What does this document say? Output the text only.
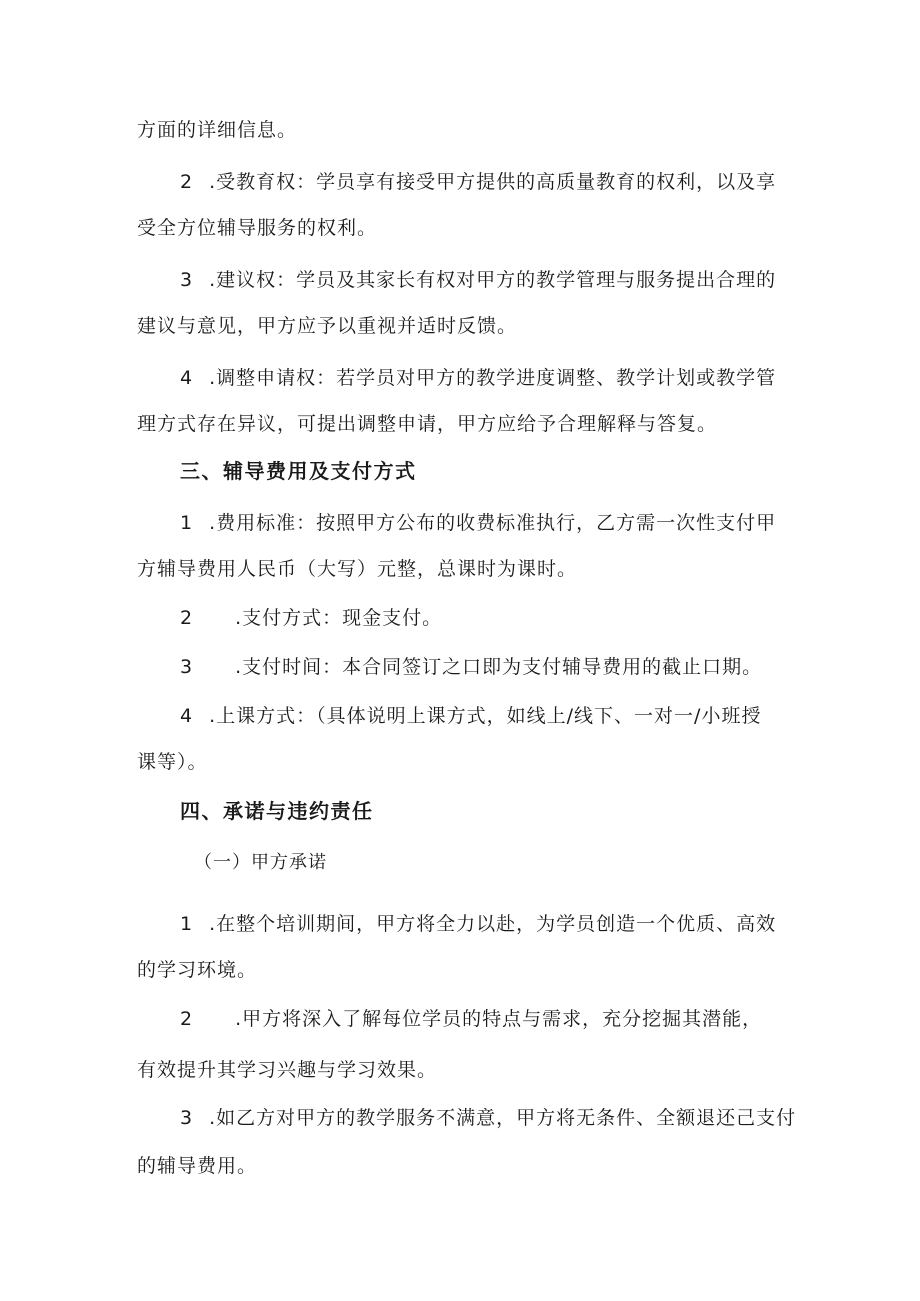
方面的详细信息。
2 .受教育权：学员享有接受甲方提供的高质量教育的权利，以及享
受全方位辅导服务的权利。
3 .建议权：学员及其家长有权对甲方的教学管理与服务提出合理的
建议与意见，甲方应予以重视并适时反馈。
4 .调整申请权：若学员对甲方的教学进度调整、教学计划或教学管
理方式存在异议，可提出调整申请，甲方应给予合理解释与答复。
三、辅导费用及支付方式
1 .费用标准：按照甲方公布的收费标准执行，乙方需一次性支付甲
方辅导费用人民币（大写）元整，总课时为课时。
2 .支付方式：现金支付。
3 .支付时间：本合同签订之口即为支付辅导费用的截止口期。
4 .上课方式：（具体说明上课方式，如线上/线下、一对一/小班授
课等）。
四、承诺与违约责任
（一）甲方承诺
1 .在整个培训期间，甲方将全力以赴，为学员创造一个优质、高效
的学习环境。
2 .甲方将深入了解每位学员的特点与需求，充分挖掘其潜能，
有效提升其学习兴趣与学习效果。
3 .如乙方对甲方的教学服务不满意，甲方将无条件、全额退还己支付
的辅导费用。
